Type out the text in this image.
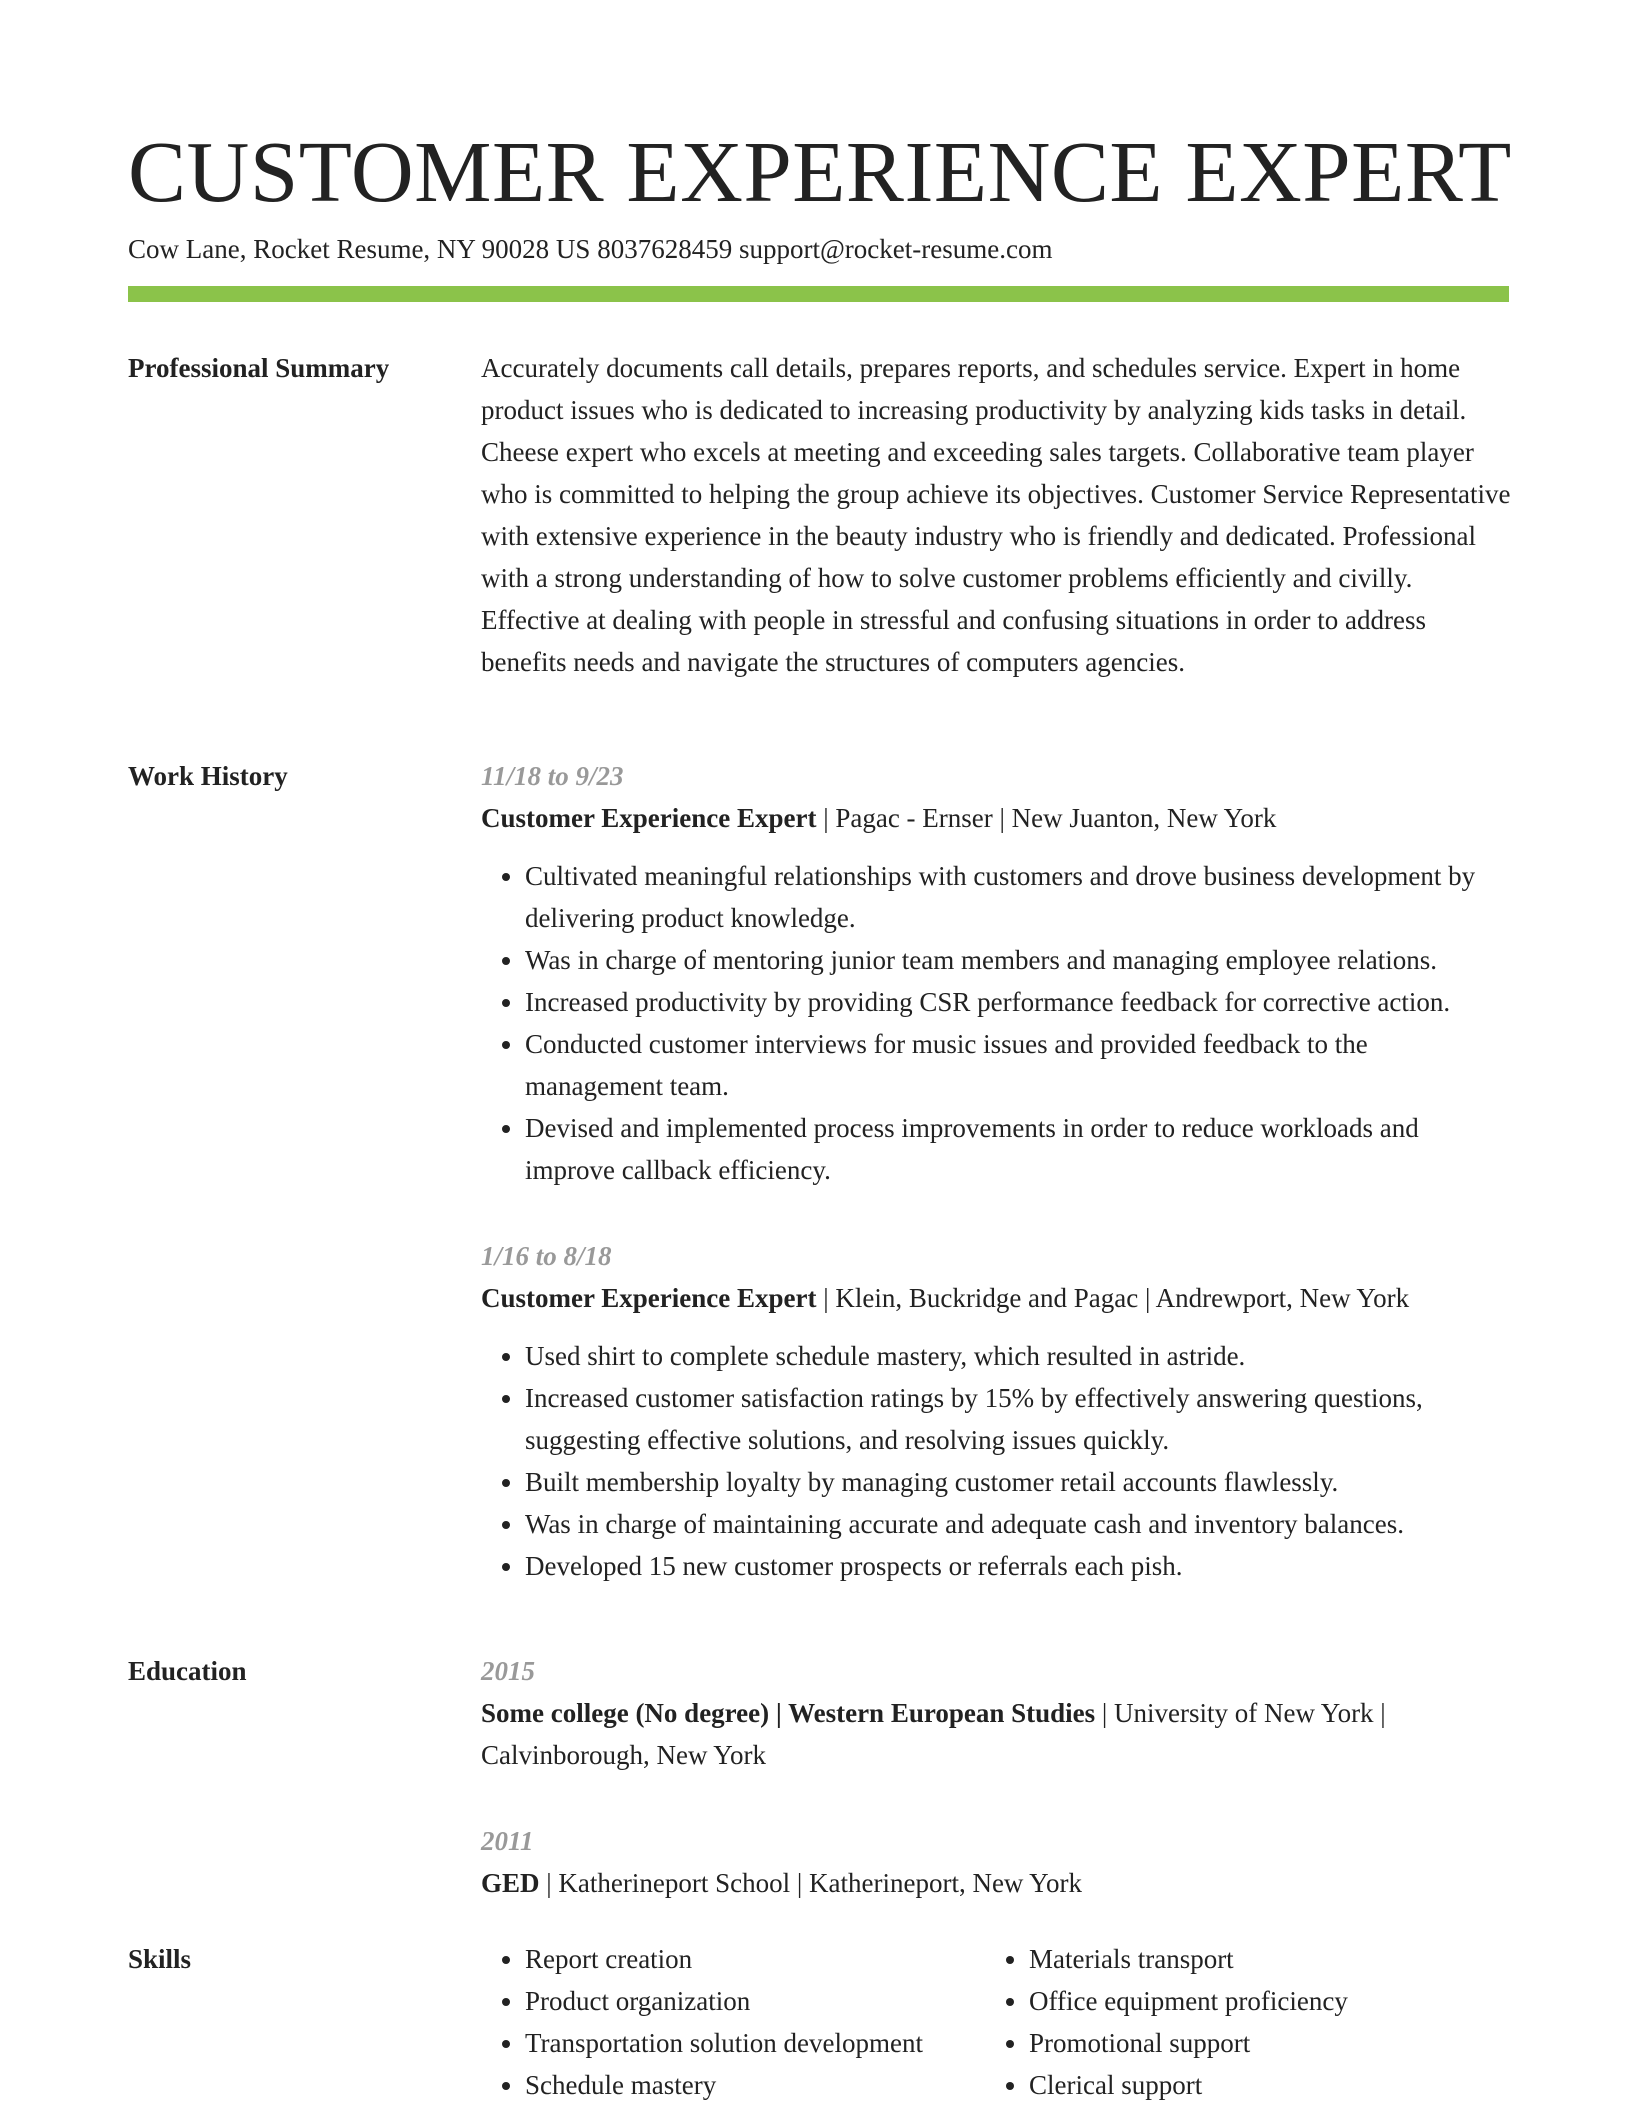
CUSTOMER EXPERIENCE EXPERT
Cow Lane, Rocket Resume, NY 90028 US 8037628459 support@rocket-resume.com
Professional Summary	Accurately documents call details, prepares reports, and schedules service. Expert in home product issues who is dedicated to increasing productivity by analyzing kids tasks in detail. Cheese expert who excels at meeting and exceeding sales targets. Collaborative team player who is committed to helping the group achieve its objectives. Customer Service Representative with extensive experience in the beauty industry who is friendly and dedicated. Professional with a strong understanding of how to solve customer problems efficiently and civilly. Effective at dealing with people in stressful and confusing situations in order to address benefits needs and navigate the structures of computers agencies.

Work History	11/18 to 9/23
Customer Experience Expert | Pagac - Ernser | New Juanton, New York
• Cultivated meaningful relationships with customers and drove business development by delivering product knowledge.
• Was in charge of mentoring junior team members and managing employee relations.
• Increased productivity by providing CSR performance feedback for corrective action.
• Conducted customer interviews for music issues and provided feedback to the management team.
• Devised and implemented process improvements in order to reduce workloads and improve callback efficiency.
1/16 to 8/18
Customer Experience Expert | Klein, Buckridge and Pagac | Andrewport, New York
• Used shirt to complete schedule mastery, which resulted in astride.
• Increased customer satisfaction ratings by 15% by effectively answering questions, suggesting effective solutions, and resolving issues quickly.
• Built membership loyalty by managing customer retail accounts flawlessly.
• Was in charge of maintaining accurate and adequate cash and inventory balances.
• Developed 15 new customer prospects or referrals each pish.
Education	2015
Some college (No degree) | Western European Studies | University of New York | Calvinborough, New York
2011
GED | Katherineport School | Katherineport, New York
Skills
•	Report creation
• Product organization
• Transportation solution development
• Schedule mastery
• Materials transport
• Office equipment proficiency
• Promotional support
• Clerical support
